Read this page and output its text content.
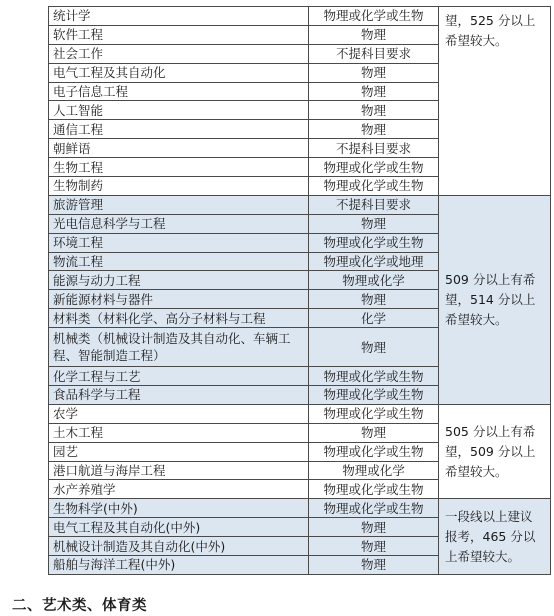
统计学	物理或化学或生物	望，525 分以上希望较大。
软件工程	物理	
社会工作	不提科目要求	
电气工程及其自动化	物理	
电子信息工程	物理	
人工智能	物理	
通信工程	物理	
朝鲜语	不提科目要求	
生物工程	物理或化学或生物	
生物制药	物理或化学或生物	
旅游管理	不提科目要求	509 分以上有希望，514 分以上希望较大。
光电信息科学与工程	物理	
环境工程	物理或化学或生物	
物流工程	物理或化学或地理	
能源与动力工程	物理或化学	
新能源材料与器件	物理	
材料类（材料化学、高分子材料与工程	化学	
机械类（机械设计制造及其自动化、车辆工程、智能制造工程）	物理	
化学工程与工艺	物理或化学或生物	
食品科学与工程	物理或化学或生物	
农学	物理或化学或生物	505 分以上有希望，509 分以上希望较大。
土木工程	物理	
园艺	物理或化学或生物	
港口航道与海岸工程	物理或化学	
水产养殖学	物理或化学或生物	
生物科学(中外)	物理或化学或生物	一段线以上建议报考，465 分以上希望较大。
电气工程及其自动化(中外)	物理	
机械设计制造及其自动化(中外)	物理	
船舶与海洋工程(中外)	物理	
二、艺术类、体育类
